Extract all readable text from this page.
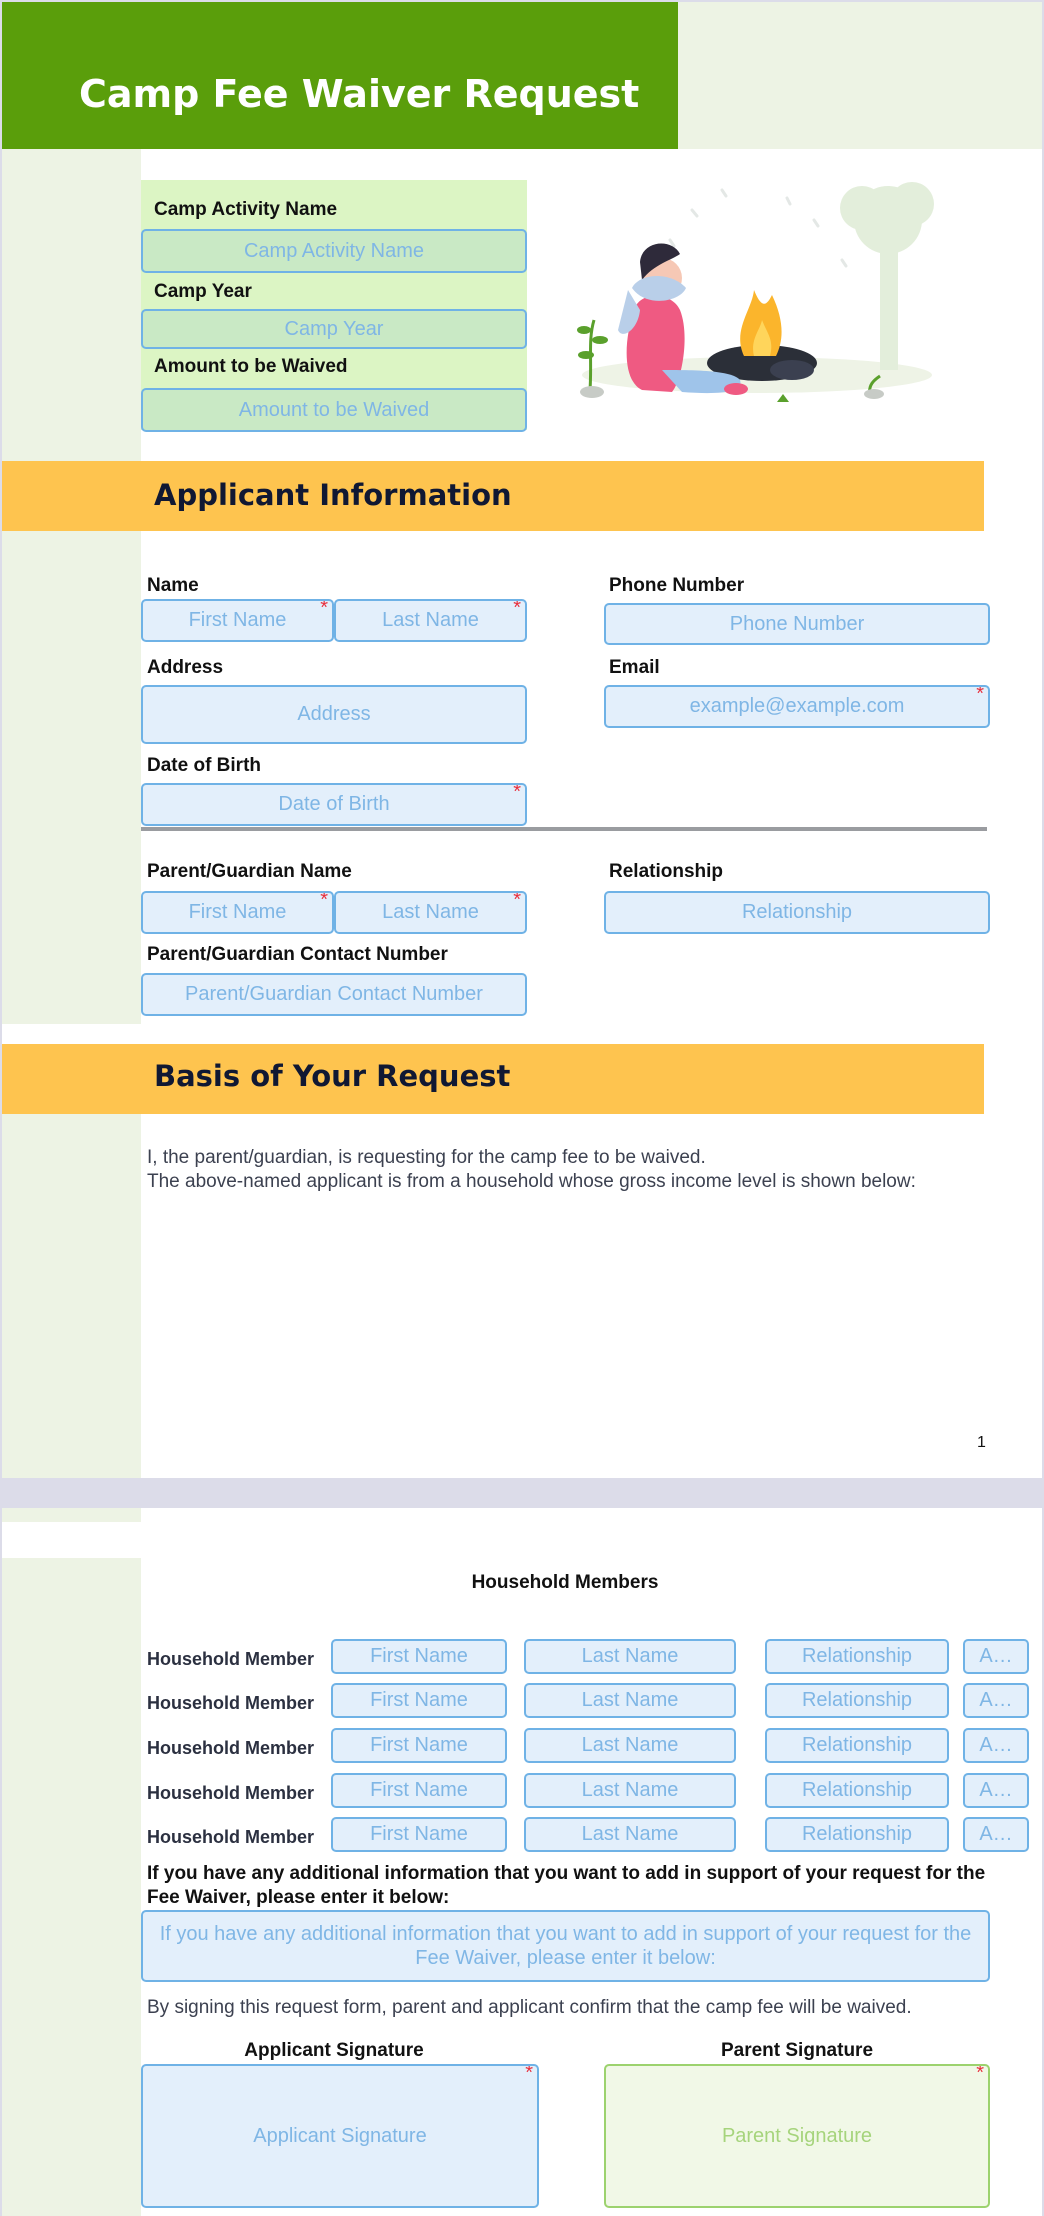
Camp Fee Waiver Request
Camp Activity Name
Camp Activity Name
Camp Year
Camp Year
Amount to be Waived
Amount to be Waived
Applicant Information
Name
First Name
*
Last Name
*
Phone Number
Phone Number
Address
Address
Email
example@example.com
*
Date of Birth
Date of Birth
*
Parent/Guardian Name
First Name
*
Last Name
*
Relationship
Relationship
Parent/Guardian Contact Number
Parent/Guardian Contact Number
Basis of Your Request
I, the parent/guardian, is requesting for the camp fee to be waived.
The above-named applicant is from a household whose gross income level is shown below:
1
Household Members
Household Member	First Name	Last Name	Relationship	A…
Household Member	First Name	Last Name	Relationship	A…
Household Member	First Name	Last Name	Relationship	A…
Household Member	First Name	Last Name	Relationship	A…
Household Member	First Name	Last Name	Relationship	A…
If you have any additional information that you want to add in support of your request for the Fee Waiver, please enter it below:
If you have any additional information that you want to add in support of your request for the Fee Waiver, please enter it below:
By signing this request form, parent and applicant confirm that the camp fee will be waived.
Applicant Signature
Applicant Signature
*
Parent Signature
Parent Signature
*
